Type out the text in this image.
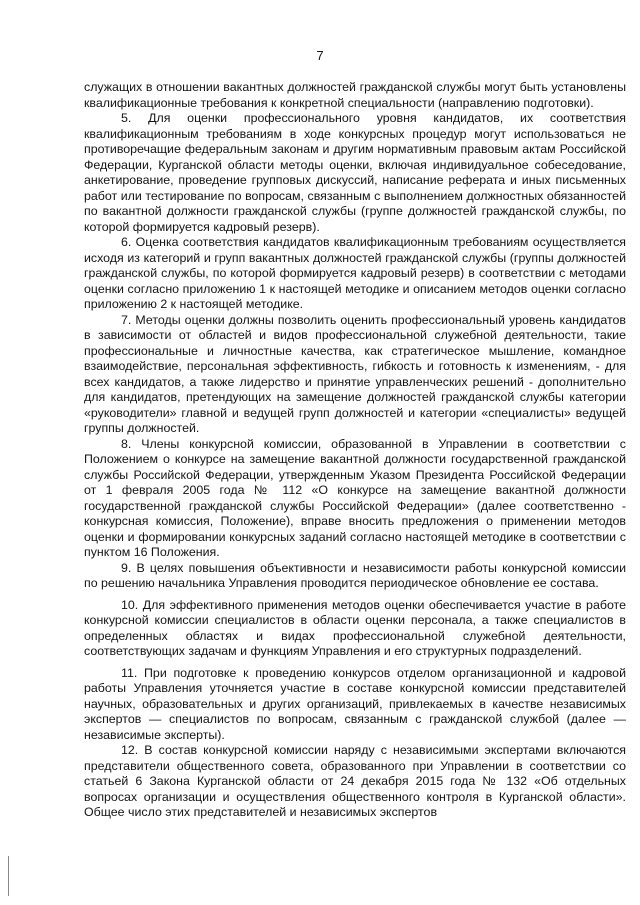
7

служащих в отношении вакантных должностей гражданской службы могут быть установлены квалификационные требования к конкретной специальности (направлению подготовки).

5. Для оценки профессионального уровня кандидатов, их соответствия квалификационным требованиям в ходе конкурсных процедур могут использоваться не противоречащие федеральным законам и другим нормативным правовым актам Российской Федерации, Курганской области методы оценки, включая индивидуальное собеседование, анкетирование, проведение групповых дискуссий, написание реферата и иных письменных работ или тестирование по вопросам, связанным с выполнением должностных обязанностей по вакантной должности гражданской службы (группе должностей гражданской службы, по которой формируется кадровый резерв).

6. Оценка соответствия кандидатов квалификационным требованиям осуществляется исходя из категорий и групп вакантных должностей гражданской службы (группы должностей гражданской службы, по которой формируется кадровый резерв) в соответствии с методами оценки согласно приложению 1 к настоящей методике и описанием методов оценки согласно приложению 2 к настоящей методике.

7. Методы оценки должны позволить оценить профессиональный уровень кандидатов в зависимости от областей и видов профессиональной служебной деятельности, такие профессиональные и личностные качества, как стратегическое мышление, командное взаимодействие, персональная эффективность, гибкость и готовность к изменениям, - для всех кандидатов, а также лидерство и принятие управленческих решений - дополнительно для кандидатов, претендующих на замещение должностей гражданской службы категории «руководители» главной и ведущей групп должностей и категории «специалисты» ведущей группы должностей.

8. Члены конкурсной комиссии, образованной в Управлении в соответствии с Положением о конкурсе на замещение вакантной должности государственной гражданской службы Российской Федерации, утвержденным Указом Президента Российской Федерации от 1 февраля 2005 года № 112 «О конкурсе на замещение вакантной должности государственной гражданской службы Российской Федерации» (далее соответственно - конкурсная комиссия, Положение), вправе вносить предложения о применении методов оценки и формировании конкурсных заданий согласно настоящей методике в соответствии с пунктом 16 Положения.

9. В целях повышения объективности и независимости работы конкурсной комиссии по решению начальника Управления проводится периодическое обновление ее состава.

10. Для эффективного применения методов оценки обеспечивается участие в работе конкурсной комиссии специалистов в области оценки персонала, а также специалистов в определенных областях и видах профессиональной служебной деятельности, соответствующих задачам и функциям Управления и его структурных подразделений.

11. При подготовке к проведению конкурсов отделом организационной и кадровой работы Управления уточняется участие в составе конкурсной комиссии представителей научных, образовательных и других организаций, привлекаемых в качестве независимых экспертов — специалистов по вопросам, связанным с гражданской службой (далее — независимые эксперты).

12. В состав конкурсной комиссии наряду с независимыми экспертами включаются представители общественного совета, образованного при Управлении в соответствии со статьей 6 Закона Курганской области от 24 декабря 2015 года № 132 «Об отдельных вопросах организации и осуществления общественного контроля в Курганской области». Общее число этих представителей и независимых экспертов
